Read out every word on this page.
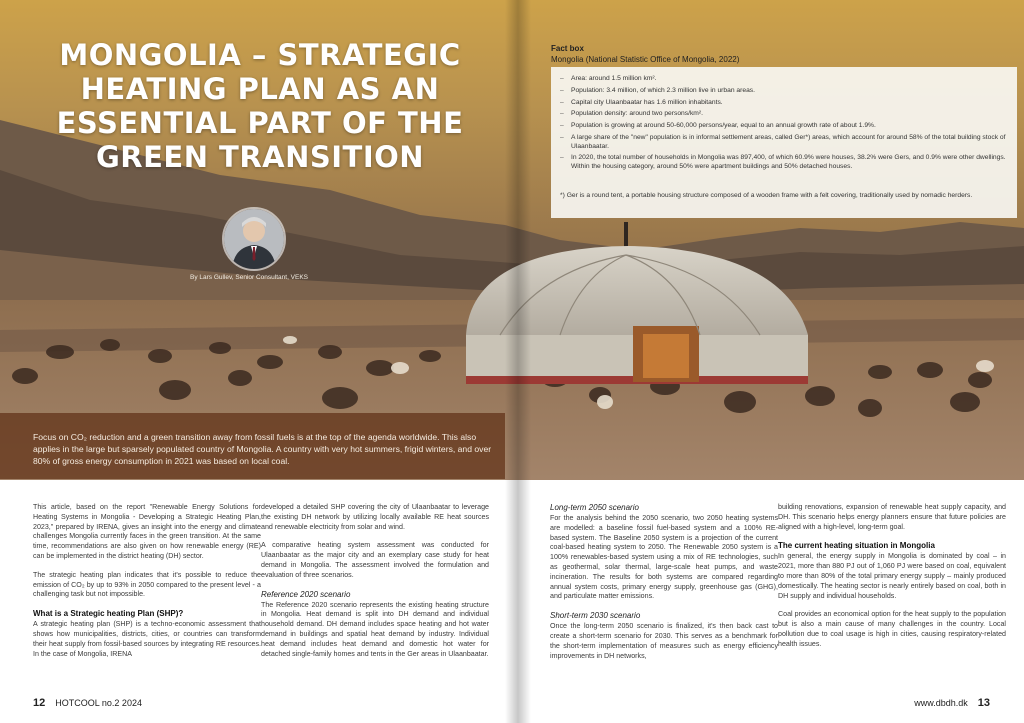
MONGOLIA – STRATEGIC HEATING PLAN AS AN ESSENTIAL PART OF THE GREEN TRANSITION
By Lars Gullev, Senior Consultant, VEKS

Focus on CO₂ reduction and a green transition away from fossil fuels is at the top of the agenda worldwide. This also applies in the large but sparsely populated country of Mongolia. A country with very hot summers, frigid winters, and over 80% of gross energy consumption in 2021 was based on local coal.

Fact box
Mongolia (National Statistic Office of Mongolia, 2022)
– Area: around 1.5 million km².
– Population: 3.4 million, of which 2.3 million live in urban areas.
– Capital city Ulaanbaatar has 1.6 million inhabitants.
– Population density: around two persons/km².
– Population is growing at around 50-60,000 persons/year, equal to an annual growth rate of about 1.9%.
– A large share of the "new" population is in informal settlement areas, called Ger*) areas, which account for around 58% of the total building stock of Ulaanbaatar.
– In 2020, the total number of households in Mongolia was 897,400, of which 60.9% were houses, 38.2% were Gers, and 0.9% were other dwellings. Within the housing category, around 50% were apartment buildings and 50% detached houses.

*) Ger is a round tent, a portable housing structure composed of a wooden frame with a felt covering, traditionally used by nomadic herders.

This article, based on the report "Renewable Energy Solutions for Heating Systems in Mongolia - Developing a Strategic Heating Plan, 2023," prepared by IRENA, gives an insight into the energy and climate challenges Mongolia currently faces in the green transition. At the same time, recommendations are also given on how renewable energy (RE) can be implemented in the district heating (DH) sector.

The strategic heating plan indicates that it's possible to reduce the emission of CO₂ by up to 93% in 2050 compared to the present level - a challenging task but not impossible.

What is a Strategic heating Plan (SHP)?

A strategic heating plan (SHP) is a techno-economic assessment that shows how municipalities, districts, cities, or countries can transform their heat supply from fossil-based sources by integrating RE resources. In the case of Mongolia, IRENA

developed a detailed SHP covering the city of Ulaanbaatar to leverage the existing DH network by utilizing locally available RE heat sources and renewable electricity from solar and wind.

A comparative heating system assessment was conducted for Ulaanbaatar as the major city and an exemplary case study for heat demand in Mongolia. The assessment involved the formulation and evaluation of three scenarios.

Reference 2020 scenario

The Reference 2020 scenario represents the existing heating structure in Mongolia. Heat demand is split into DH demand and individual household demand. DH demand includes space heating and hot water demand in buildings and spatial heat demand by industry. Individual heat demand includes heat demand and domestic hot water for detached single-family homes and tents in the Ger areas in Ulaanbaatar.

Long-term 2050 scenario

For the analysis behind the 2050 scenario, two 2050 heating systems are modelled: a baseline fossil fuel-based system and a 100% RE-based system. The Baseline 2050 system is a projection of the current coal-based heating system to 2050. The Renewable 2050 system is a 100% renewables-based system using a mix of RE technologies, such as geothermal, solar thermal, large-scale heat pumps, and waste incineration. The results for both systems are compared regarding annual system costs, primary energy supply, greenhouse gas (GHG), and particulate matter emissions.

Short-term 2030 scenario

Once the long-term 2050 scenario is finalized, it's then back cast to create a short-term scenario for 2030. This serves as a benchmark for the short-term implementation of measures such as energy efficiency improvements in DH networks,

building renovations, expansion of renewable heat supply capacity, and DH. This scenario helps energy planners ensure that future policies are aligned with a high-level, long-term goal.

The current heating situation in Mongolia

In general, the energy supply in Mongolia is dominated by coal – in 2021, more than 880 PJ out of 1,060 PJ were based on coal, equivalent to more than 80% of the total primary energy supply – mainly produced domestically. The heating sector is nearly entirely based on coal, both in DH supply and individual households.

Coal provides an economical option for the heat supply to the population but is also a main cause of many challenges in the country. Local pollution due to coal usage is high in cities, causing respiratory-related health issues.

12 HOTCOOL no.2 2024	www.dbdh.dk 13
